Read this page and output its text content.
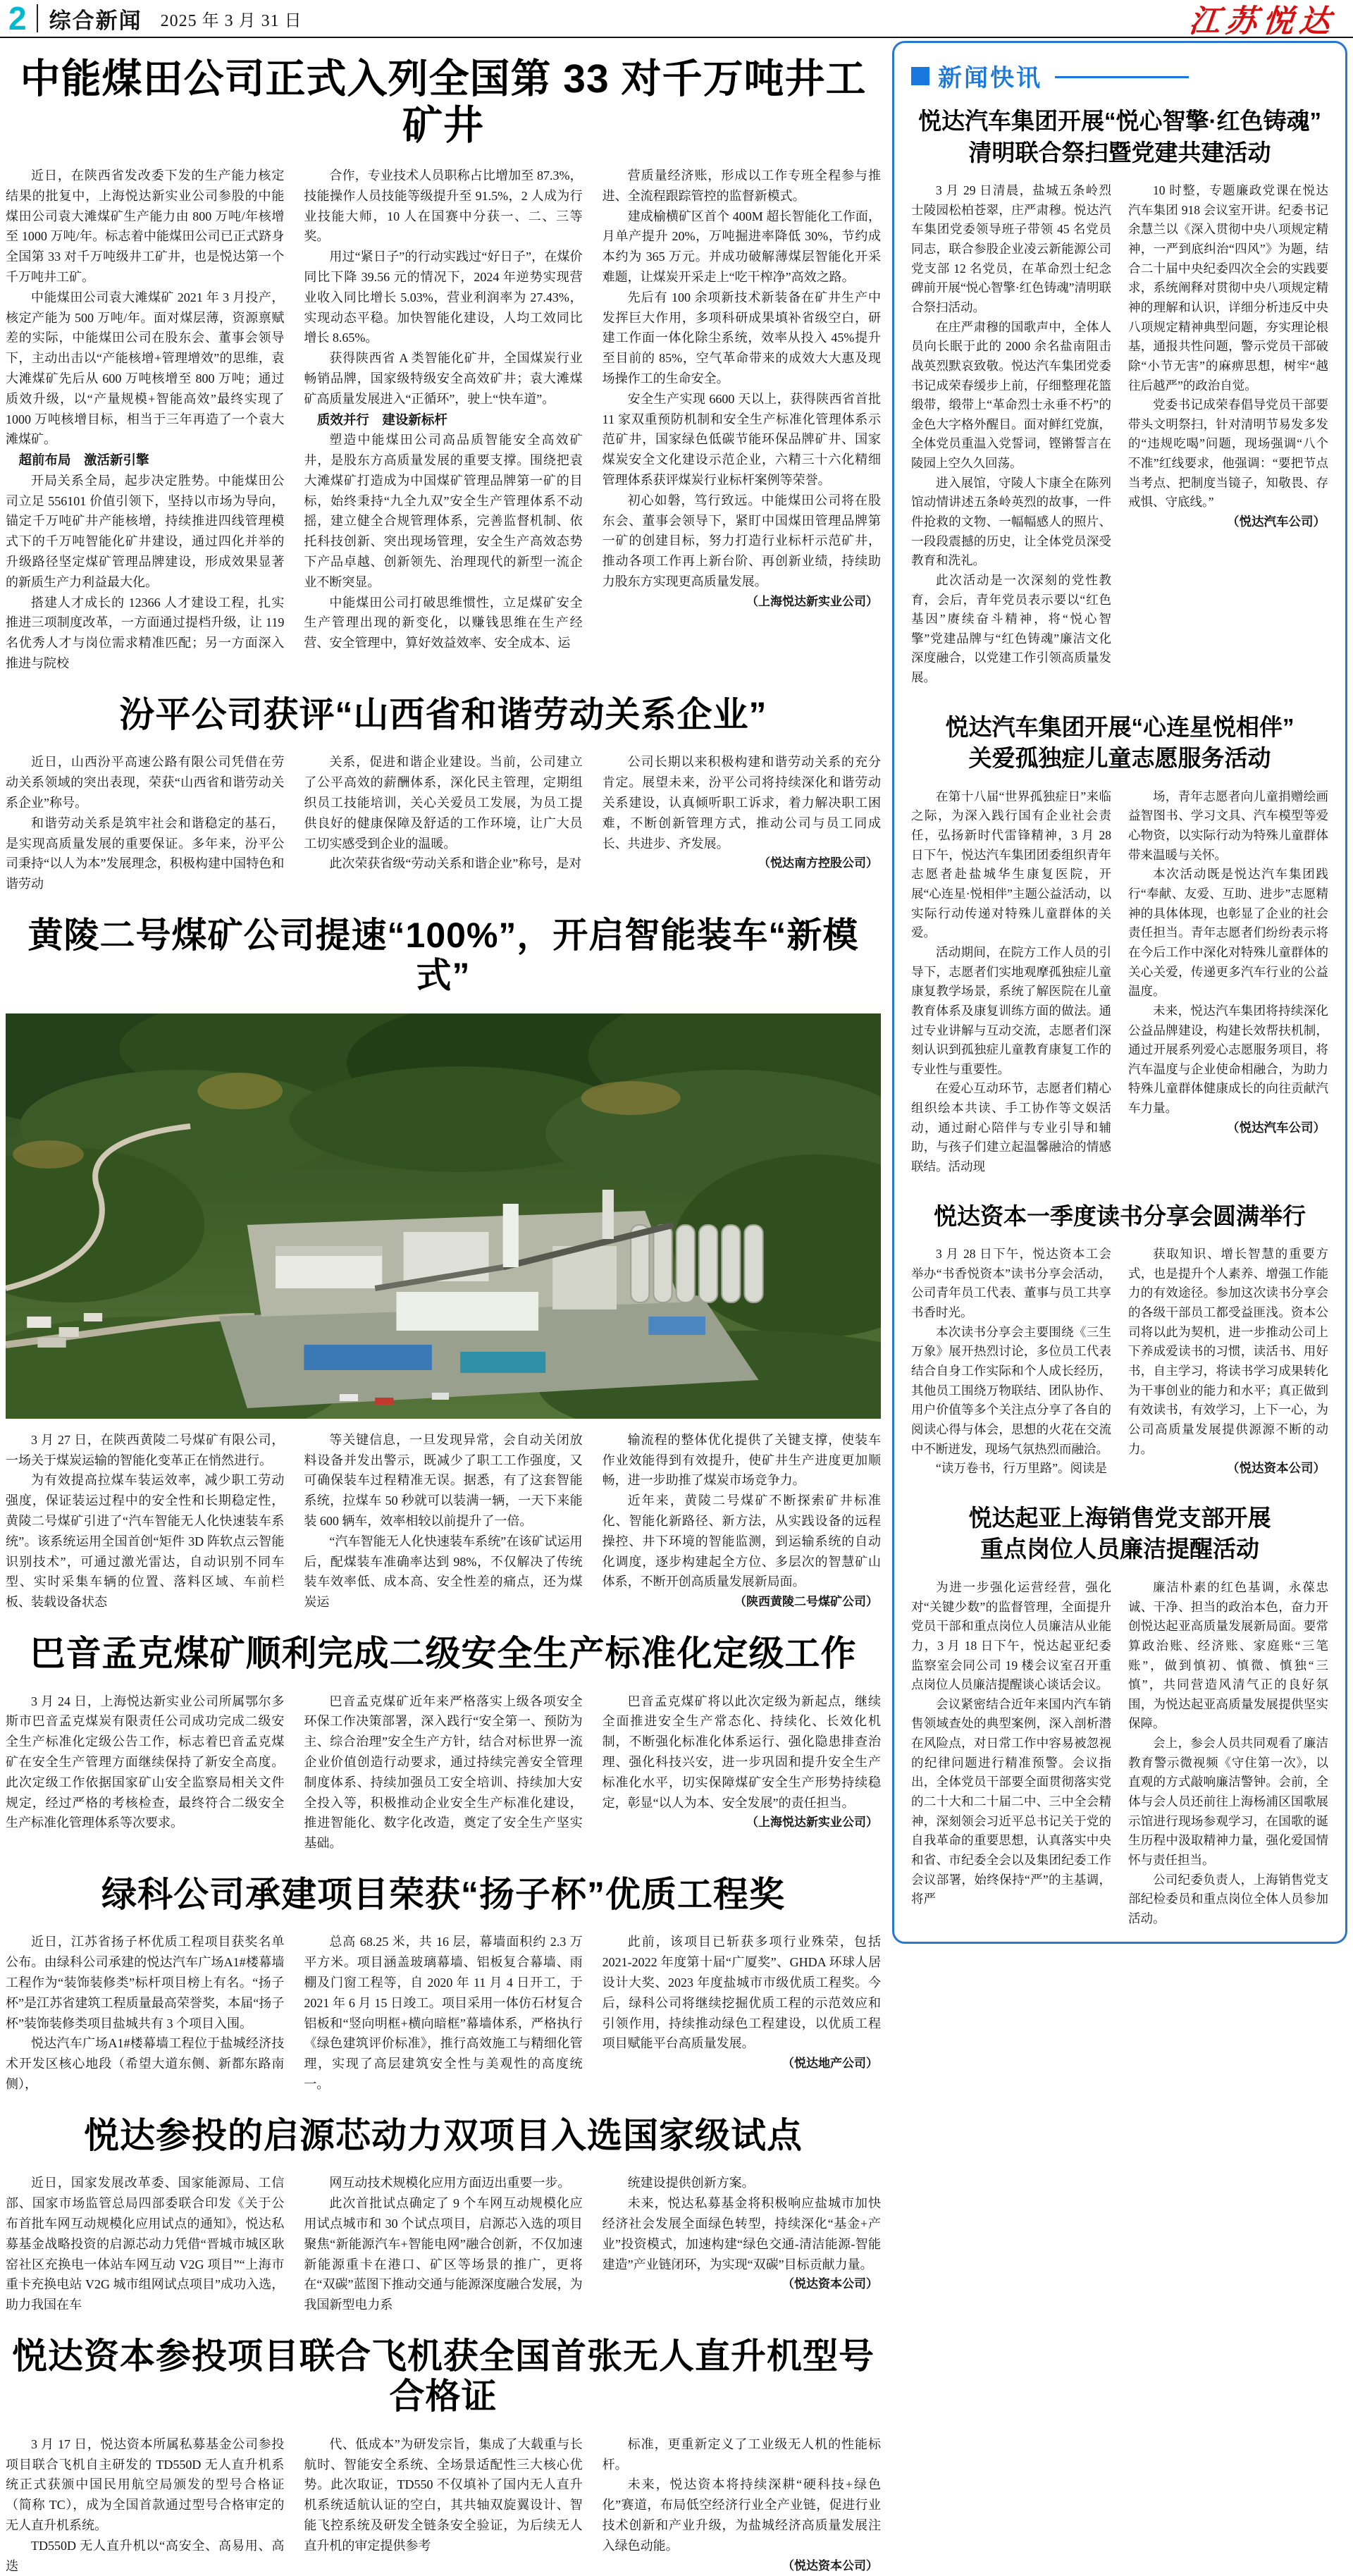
2 综合新闻 2025 年 3 月 31 日	江苏悦达
中能煤田公司正式入列全国第 33 对千万吨井工矿井

近日，在陕西省发改委下发的生产能力核定结果的批复中，上海悦达新实业公司参股的中能煤田公司袁大滩煤矿生产能力由 800 万吨/年核增至 1000 万吨/年。标志着中能煤田公司已正式跻身全国第 33 对千万吨级井工矿井，也是悦达第一个千万吨井工矿。

中能煤田公司袁大滩煤矿 2021 年 3 月投产，核定产能为 500 万吨/年。面对煤层薄，资源禀赋差的实际，中能煤田公司在股东会、董事会领导下，主动出击以“产能核增+管理增效”的思维，袁大滩煤矿先后从 600 万吨核增至 800 万吨；通过质效升级，以“产量规模+智能高效”最终实现了 1000 万吨核增目标，相当于三年再造了一个袁大滩煤矿。

超前布局　激活新引擎

开局关系全局，起步决定胜势。中能煤田公司立足 556101 价值引领下，坚持以市场为导向，锚定千万吨矿井产能核增，持续推进四线管理模式下的千万吨智能化矿井建设，通过四化并举的升级路径坚定煤矿管理品牌建设，形成效果显著的新质生产力利益最大化。

搭建人才成长的 12366 人才建设工程，扎实推进三项制度改革，一方面通过提档升级，让 119 名优秀人才与岗位需求精准匹配；另一方面深入推进与院校

合作，专业技术人员职称占比增加至 87.3%，技能操作人员技能等级提升至 91.5%，2 人成为行业技能大师，10 人在国赛中分获一、二、三等奖。

用过“紧日子”的行动实践过“好日子”，在煤价同比下降 39.56 元的情况下，2024 年逆势实现营业收入同比增长 5.03%，营业利润率为 27.43%，实现动态平稳。加快智能化建设，人均工效同比增长 8.65%。

获得陕西省 A 类智能化矿井，全国煤炭行业畅销品牌，国家级特级安全高效矿井；袁大滩煤矿高质量发展进入“正循环”，驶上“快车道”。

质效并行　建设新标杆

塑造中能煤田公司高品质智能安全高效矿井，是股东方高质量发展的重要支撑。围绕把袁大滩煤矿打造成为中国煤矿管理品牌第一矿的目标，始终秉持“九全九双”安全生产管理体系不动摇，建立健全合规管理体系，完善监督机制、依托科技创新、突出现场管理，安全生产高效态势下产品卓越、创新领先、治理现代的新型一流企业不断突显。

中能煤田公司打破思维惯性，立足煤矿安全生产管理出现的新变化，以赚钱思维在生产经营、安全管理中，算好效益效率、安全成本、运

营质量经济账，形成以工作专班全程参与推进、全流程跟踪管控的监督新模式。

建成榆横矿区首个 400M 超长智能化工作面，月单产提升 20%，万吨掘进率降低 30%，节约成本约为 365 万元。并成功破解薄煤层智能化开采难题，让煤炭开采走上“吃干榨净”高效之路。

先后有 100 余项新技术新装备在矿井生产中发挥巨大作用，多项科研成果填补省级空白，研建工作面一体化除尘系统，效率从投入 45%提升至目前的 85%，空气革命带来的成效大大惠及现场操作工的生命安全。

安全生产实现 6600 天以上，获得陕西省首批 11 家双重预防机制和安全生产标准化管理体系示范矿井，国家绿色低碳节能环保品牌矿井、国家煤炭安全文化建设示范企业，六精三十六化精细管理体系获评煤炭行业标杆案例等荣誉。

初心如磐，笃行致远。中能煤田公司将在股东会、董事会领导下，紧盯中国煤田管理品牌第一矿的创建目标，努力打造行业标杆示范矿井，推动各项工作再上新台阶、再创新业绩，持续助力股东方实现更高质量发展。

（上海悦达新实业公司）

汾平公司获评“山西省和谐劳动关系企业”

近日，山西汾平高速公路有限公司凭借在劳动关系领域的突出表现，荣获“山西省和谐劳动关系企业”称号。

和谐劳动关系是筑牢社会和谐稳定的基石，是实现高质量发展的重要保证。多年来，汾平公司秉持“以人为本”发展理念，积极构建中国特色和谐劳动

关系，促进和谐企业建设。当前，公司建立了公平高效的薪酬体系，深化民主管理，定期组织员工技能培训，关心关爱员工发展，为员工提供良好的健康保障及舒适的工作环境，让广大员工切实感受到企业的温暖。

此次荣获省级“劳动关系和谐企业”称号，是对

公司长期以来积极构建和谐劳动关系的充分肯定。展望未来，汾平公司将持续深化和谐劳动关系建设，认真倾听职工诉求，着力解决职工困难，不断创新管理方式，推动公司与员工同成长、共进步、齐发展。

（悦达南方控股公司）

黄陵二号煤矿公司提速“100%”，开启智能装车“新模式”

3 月 27 日，在陕西黄陵二号煤矿有限公司，一场关于煤炭运输的智能化变革正在悄然进行。

为有效提高拉煤车装运效率，减少职工劳动强度，保证装运过程中的安全性和长期稳定性，黄陵二号煤矿引进了“汽车智能无人化快速装车系统”。该系统运用全国首创“矩件 3D 阵软点云智能识别技术”，可通过激光雷达，自动识别不同车型、实时采集车辆的位置、落料区域、车前栏板、装载设备状态

等关键信息，一旦发现异常，会自动关闭放料设备并发出警示，既减少了职工工作强度，又可确保装车过程精准无误。据悉，有了这套智能系统，拉煤车 50 秒就可以装满一辆，一天下来能装 600 辆车，效率相较以前提升了一倍。

“汽车智能无人化快速装车系统”在该矿试运用后，配煤装车准确率达到 98%，不仅解决了传统装车效率低、成本高、安全性差的痛点，还为煤炭运

输流程的整体优化提供了关键支撑，使装车作业效能得到有效提升，使矿井生产进度更加顺畅，进一步助推了煤炭市场竞争力。

近年来，黄陵二号煤矿不断探索矿井标准化、智能化新路径、新方法，从实践设备的远程操控、井下环境的智能监测，到运输系统的自动化调度，逐步构建起全方位、多层次的智慧矿山体系，不断开创高质量发展新局面。

（陕西黄陵二号煤矿公司）

巴音孟克煤矿顺利完成二级安全生产标准化定级工作

3 月 24 日，上海悦达新实业公司所属鄂尔多斯市巴音孟克煤炭有限责任公司成功完成二级安全生产标准化定级公告工作，标志着巴音孟克煤矿在安全生产管理方面继续保持了新安全高度。此次定级工作依据国家矿山安全监察局相关文件规定，经过严格的考核检查，最终符合二级安全生产标准化管理体系等次要求。

巴音孟克煤矿近年来严格落实上级各项安全环保工作决策部署，深入践行“安全第一、预防为主、综合治理”安全生产方针，结合对标世界一流企业价值创造行动要求，通过持续完善安全管理制度体系、持续加强员工安全培训、持续加大安全投入等，积极推动企业安全生产标准化建设，推进智能化、数字化改造，奠定了安全生产坚实基础。

巴音孟克煤矿将以此次定级为新起点，继续全面推进安全生产常态化、持续化、长效化机制，不断强化标准化体系运行、强化隐患排查治理、强化科技兴安，进一步巩固和提升安全生产标准化水平，切实保障煤矿安全生产形势持续稳定，彰显“以人为本、安全发展”的责任担当。

（上海悦达新实业公司）

绿科公司承建项目荣获“扬子杯”优质工程奖

近日，江苏省扬子杯优质工程项目获奖名单公布。由绿科公司承建的悦达汽车广场A1#楼幕墙工程作为“装饰装修类”标杆项目榜上有名。“扬子杯”是江苏省建筑工程质量最高荣誉奖，本届“扬子杯”装饰装修类项目盐城共有 3 个项目入围。

悦达汽车广场A1#楼幕墙工程位于盐城经济技术开发区核心地段（希望大道东侧、新都东路南侧），

总高 68.25 米，共 16 层，幕墙面积约 2.3 万平方米。项目涵盖玻璃幕墙、铝板复合幕墙、雨棚及门窗工程等，自 2020 年 11 月 4 日开工，于 2021 年 6 月 15 日竣工。项目采用一体仿石材复合铝板和“竖向明框+横向暗框”幕墙体系，严格执行《绿色建筑评价标准》，推行高效施工与精细化管理，实现了高层建筑安全性与美观性的高度统一。

此前，该项目已斩获多项行业殊荣，包括 2021-2022 年度第十届“广厦奖”、GHDA 环球人居设计大奖、2023 年度盐城市市级优质工程奖。今后，绿科公司将继续挖掘优质工程的示范效应和引领作用，持续推动绿色工程建设，以优质工程项目赋能平台高质量发展。

（悦达地产公司）

悦达参投的启源芯动力双项目入选国家级试点

近日，国家发展改革委、国家能源局、工信部、国家市场监管总局四部委联合印发《关于公布首批车网互动规模化应用试点的通知》，悦达私募基金战略投资的启源芯动力凭借“晋城市城区耿窑社区充换电一体站车网互动 V2G 项目”“上海市重卡充换电站 V2G 城市组网试点项目”成功入选，助力我国在车

网互动技术规模化应用方面迈出重要一步。

此次首批试点确定了 9 个车网互动规模化应用试点城市和 30 个试点项目，启源芯入选的项目聚焦“新能源汽车+智能电网”融合创新，不仅加速新能源重卡在港口、矿区等场景的推广，更将在“双碳”蓝图下推动交通与能源深度融合发展，为我国新型电力系

统建设提供创新方案。

未来，悦达私募基金将积极响应盐城市加快经济社会发展全面绿色转型，持续深化“基金+产业”投资模式，加速构建“绿色交通-清洁能源-智能建造”产业链闭环，为实现“双碳”目标贡献力量。

（悦达资本公司）

悦达资本参投项目联合飞机获全国首张无人直升机型号合格证

3 月 17 日，悦达资本所属私募基金公司参投项目联合飞机自主研发的 TD550D 无人直升机系统正式获颁中国民用航空局颁发的型号合格证（简称 TC），成为全国首款通过型号合格审定的无人直升机系统。

TD550D 无人直升机以“高安全、高易用、高迭

代、低成本”为研发宗旨，集成了大载重与长航时、智能安全系统、全场景适配性三大核心优势。此次取证，TD550 不仅填补了国内无人直升机系统适航认证的空白，其共轴双旋翼设计、智能飞控系统及研发全链条安全验证，为后续无人直升机的审定提供参考

标准，更重新定义了工业级无人机的性能标杆。

未来，悦达资本将持续深耕“硬科技+绿色化”赛道，布局低空经济行业全产业链，促进行业技术创新和产业升级，为盐城经济高质量发展注入绿色动能。

（悦达资本公司）

新闻快讯
悦达汽车集团开展“悦心智擎·红色铸魂”
清明联合祭扫暨党建共建活动

3 月 29 日清晨，盐城五条岭烈士陵园松柏苍翠，庄严肃穆。悦达汽车集团党委领导班子带领 45 名党员同志，联合参股企业凌云新能源公司党支部 12 名党员，在革命烈士纪念碑前开展“悦心智擎·红色铸魂”清明联合祭扫活动。

在庄严肃穆的国歌声中，全体人员向长眠于此的 2000 余名盐南阻击战英烈默哀致敬。悦达汽车集团党委书记成荣春缓步上前，仔细整理花篮缎带，缎带上“革命烈士永垂不朽”的金色大字格外醒目。面对鲜红党旗，全体党员重温入党誓词，铿锵誓言在陵园上空久久回荡。

进入展馆，守陵人卞康全在陈列馆动情讲述五条岭英烈的故事，一件件抢救的文物、一幅幅感人的照片、一段段震撼的历史，让全体党员深受教育和洗礼。

此次活动是一次深刻的党性教育，会后，青年党员表示要以“红色基因”赓续奋斗精神，将“悦心智擎”党建品牌与“红色铸魂”廉洁文化深度融合，以党建工作引领高质量发展。

10 时整，专题廉政党课在悦达汽车集团 918 会议室开讲。纪委书记余慧兰以《深入贯彻中央八项规定精神，一严到底纠治“四风”》为题，结合二十届中央纪委四次全会的实践要求，系统阐释对贯彻中央八项规定精神的理解和认识，详细分析违反中央八项规定精神典型问题，夯实理论根基，通报共性问题，警示党员干部破除“小节无害”的麻痹思想，树牢“越往后越严”的政治自觉。

党委书记成荣春倡导党员干部要带头文明祭扫，针对清明节易发多发的“违规吃喝”问题，现场强调“八个不准”红线要求，他强调：“要把节点当考点、把制度当镜子，知敬畏、存戒惧、守底线。”

（悦达汽车公司）

悦达汽车集团开展“心连星悦相伴”
关爱孤独症儿童志愿服务活动

在第十八届“世界孤独症日”来临之际，为深入践行国有企业社会责任，弘扬新时代雷锋精神，3 月 28 日下午，悦达汽车集团团委组织青年志愿者赴盐城华生康复医院，开展“心连星·悦相伴”主题公益活动，以实际行动传递对特殊儿童群体的关爱。

活动期间，在院方工作人员的引导下，志愿者们实地观摩孤独症儿童康复教学场景，系统了解医院在儿童教育体系及康复训练方面的做法。通过专业讲解与互动交流，志愿者们深刻认识到孤独症儿童教育康复工作的专业性与重要性。

在爱心互动环节，志愿者们精心组织绘本共读、手工协作等文娱活动，通过耐心陪伴与专业引导和辅助，与孩子们建立起温馨融洽的情感联结。活动现

场，青年志愿者向儿童捐赠绘画益智图书、学习文具、汽车模型等爱心物资，以实际行动为特殊儿童群体带来温暖与关怀。

本次活动既是悦达汽车集团践行“奉献、友爱、互助、进步”志愿精神的具体体现，也彰显了企业的社会责任担当。青年志愿者们纷纷表示将在今后工作中深化对特殊儿童群体的关心关爱，传递更多汽车行业的公益温度。

未来，悦达汽车集团将持续深化公益品牌建设，构建长效帮扶机制，通过开展系列爱心志愿服务项目，将汽车温度与企业使命相融合，为助力特殊儿童群体健康成长的向往贡献汽车力量。

（悦达汽车公司）

悦达资本一季度读书分享会圆满举行

3 月 28 日下午，悦达资本工会举办“书香悦资本”读书分享会活动，公司青年员工代表、董事与员工共享书香时光。

本次读书分享会主要围绕《三生万象》展开热烈讨论，多位员工代表结合自身工作实际和个人成长经历，其他员工围绕万物联结、团队协作、用户价值等多个关注点分享了各自的阅读心得与体会，思想的火花在交流中不断迸发，现场气氛热烈而融洽。

“读万卷书，行万里路”。阅读是

获取知识、增长智慧的重要方式，也是提升个人素养、增强工作能力的有效途径。参加这次读书分享会的各级干部员工都受益匪浅。资本公司将以此为契机，进一步推动公司上下养成爱读书的习惯，读活书、用好书，自主学习，将读书学习成果转化为干事创业的能力和水平；真正做到有效读书，有效学习，上下一心，为公司高质量发展提供源源不断的动力。

（悦达资本公司）

悦达起亚上海销售党支部开展
重点岗位人员廉洁提醒活动

为进一步强化运营经营，强化对“关键少数”的监督管理，全面提升党员干部和重点岗位人员廉洁从业能力，3 月 18 日下午，悦达起亚纪委监察室会同公司 19 楼会议室召开重点岗位人员廉洁提醒谈心谈话会议。

会议紧密结合近年来国内汽车销售领域查处的典型案例，深入剖析潜在风险点，对日常工作中容易被忽视的纪律问题进行精准预警。会议指出，全体党员干部要全面贯彻落实党的二十大和二十届二中、三中全会精神，深刻领会习近平总书记关于党的自我革命的重要思想，认真落实中央和省、市纪委全会以及集团纪委工作会议部署，始终保持“严”的主基调，将严

廉洁朴素的红色基调，永葆忠诚、干净、担当的政治本色，奋力开创悦达起亚高质量发展新局面。要常算政治账、经济账、家庭账“三笔账”，做到慎初、慎微、慎独“三慎”，共同营造风清气正的良好氛围，为悦达起亚高质量发展提供坚实保障。

会上，参会人员共同观看了廉洁教育警示微视频《守住第一次》，以直观的方式敲响廉洁警钟。会前，全体与会人员还前往上海杨浦区国歌展示馆进行现场参观学习，在国歌的诞生历程中汲取精神力量，强化爱国情怀与责任担当。

公司纪委负责人，上海销售党支部纪检委员和重点岗位全体人员参加活动。
